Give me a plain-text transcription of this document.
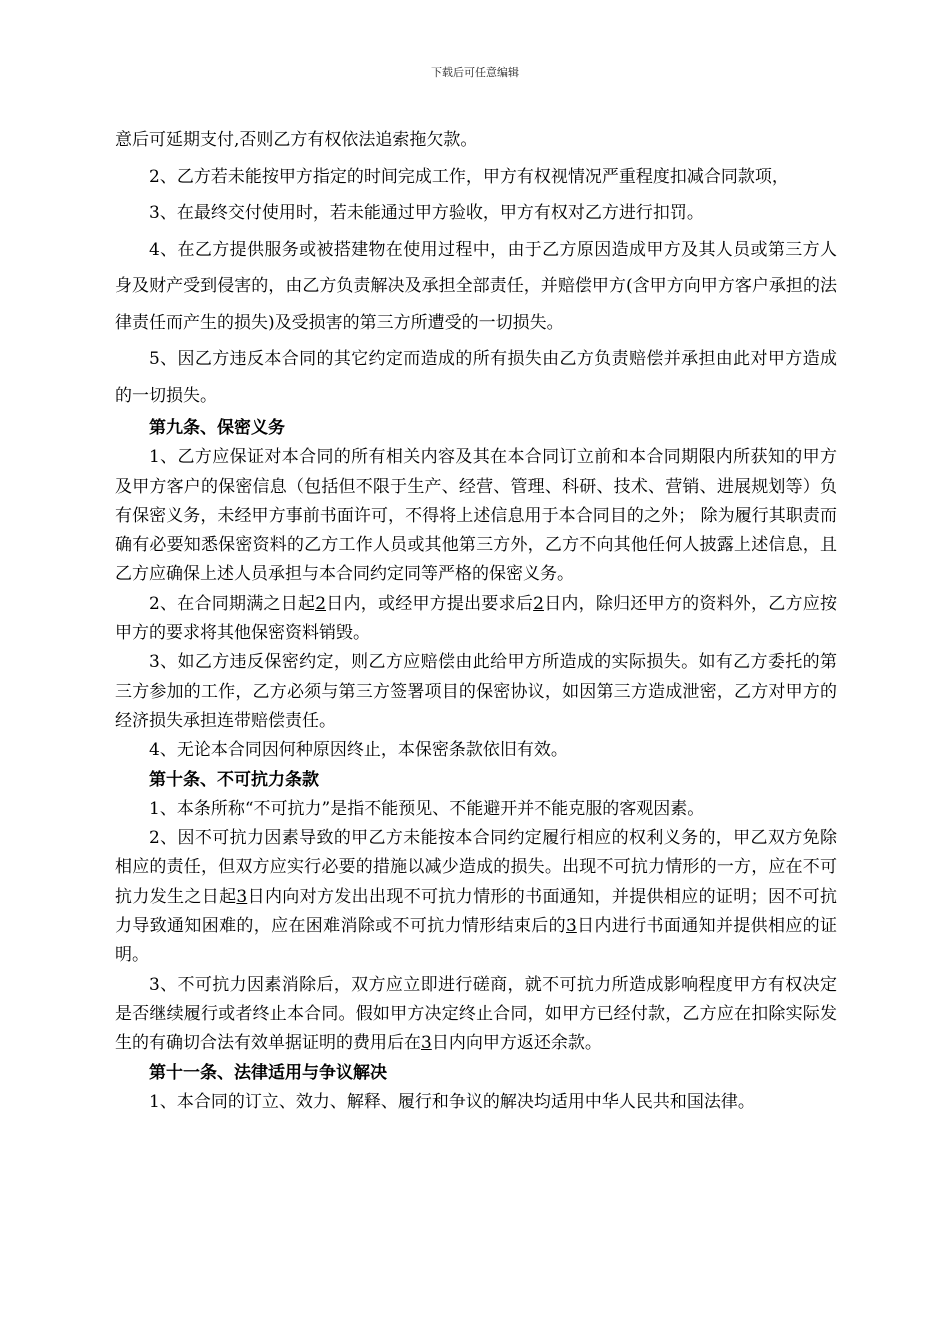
下载后可任意编辑

意后可延期支付,否则乙方有权依法追索拖欠款。

2、乙方若未能按甲方指定的时间完成工作，甲方有权视情况严重程度扣减合同款项，

3、在最终交付使用时，若未能通过甲方验收，甲方有权对乙方进行扣罚。

4、在乙方提供服务或被搭建物在使用过程中，由于乙方原因造成甲方及其人员或第三方人身及财产受到侵害的，由乙方负责解决及承担全部责任，并赔偿甲方(含甲方向甲方客户承担的法律责任而产生的损失)及受损害的第三方所遭受的一切损失。

5、因乙方违反本合同的其它约定而造成的所有损失由乙方负责赔偿并承担由此对甲方造成的一切损失。

第九条、保密义务

1、乙方应保证对本合同的所有相关内容及其在本合同订立前和本合同期限内所获知的甲方及甲方客户的保密信息（包括但不限于生产、经营、管理、科研、技术、营销、进展规划等）负有保密义务，未经甲方事前书面许可，不得将上述信息用于本合同目的之外； 除为履行其职责而确有必要知悉保密资料的乙方工作人员或其他第三方外，乙方不向其他任何人披露上述信息，且乙方应确保上述人员承担与本合同约定同等严格的保密义务。

2、在合同期满之日起2日内，或经甲方提出要求后2日内，除归还甲方的资料外，乙方应按甲方的要求将其他保密资料销毁。

3、如乙方违反保密约定，则乙方应赔偿由此给甲方所造成的实际损失。如有乙方委托的第三方参加的工作，乙方必须与第三方签署项目的保密协议，如因第三方造成泄密，乙方对甲方的经济损失承担连带赔偿责任。

4、无论本合同因何种原因终止，本保密条款依旧有效。

第十条、不可抗力条款

1、本条所称“不可抗力”是指不能预见、不能避开并不能克服的客观因素。

2、因不可抗力因素导致的甲乙方未能按本合同约定履行相应的权利义务的，甲乙双方免除相应的责任，但双方应实行必要的措施以减少造成的损失。出现不可抗力情形的一方，应在不可抗力发生之日起3日内向对方发出出现不可抗力情形的书面通知，并提供相应的证明；因不可抗力导致通知困难的，应在困难消除或不可抗力情形结束后的3日内进行书面通知并提供相应的证明。

3、不可抗力因素消除后，双方应立即进行磋商，就不可抗力所造成影响程度甲方有权决定是否继续履行或者终止本合同。假如甲方决定终止合同，如甲方已经付款，乙方应在扣除实际发生的有确切合法有效单据证明的费用后在3日内向甲方返还余款。

第十一条、法律适用与争议解决

1、本合同的订立、效力、解释、履行和争议的解决均适用中华人民共和国法律。
